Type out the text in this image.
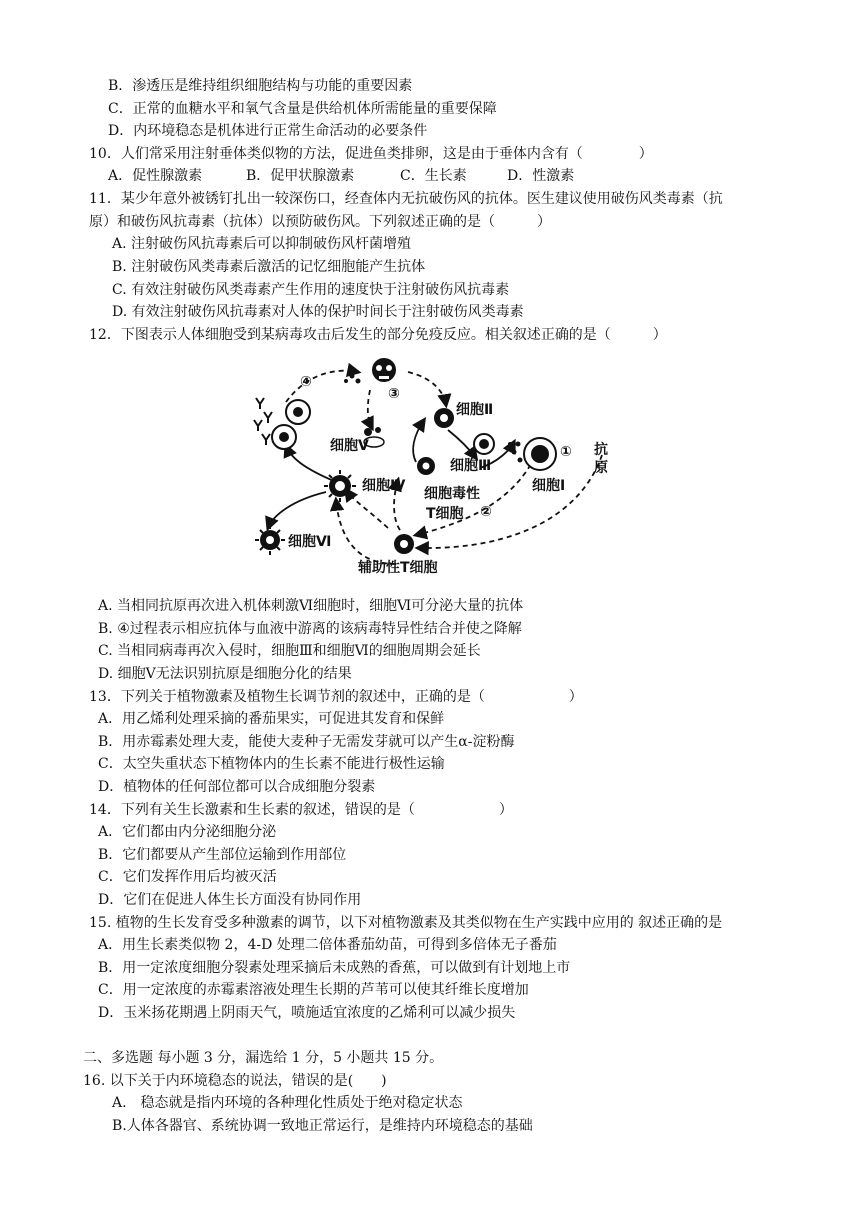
B．渗透压是维持组织细胞结构与功能的重要因素
C．正常的血糖水平和氧气含量是供给机体所需能量的重要保障
D．内环境稳态是机体进行正常生命活动的必要条件
10．人们常采用注射垂体类似物的方法，促进鱼类排卵，这是由于垂体内含有（　　　　）
A．促性腺激素	B．促甲状腺激素	C．生长素	D．性激素
11．某少年意外被锈钉扎出一较深伤口，经查体内无抗破伤风的抗体。医生建议使用破伤风类毒素（抗
原）和破伤风抗毒素（抗体）以预防破伤风。下列叙述正确的是（　　　）
A. 注射破伤风抗毒素后可以抑制破伤风杆菌增殖
B. 注射破伤风类毒素后激活的记忆细胞能产生抗体
C. 有效注射破伤风类毒素产生作用的速度快于注射破伤风抗毒素
D. 有效注射破伤风抗毒素对人体的保护时间长于注射破伤风类毒素
12．下图表示人体细胞受到某病毒攻击后发生的部分免疫反应。相关叙述正确的是（　　　）
④
③
细胞Ⅱ
细胞Ⅴ
细胞Ⅲ
① 抗
原
细胞Ⅰ
细胞Ⅳ 细胞毒性
T细胞 ②
细胞Ⅵ
辅助性T细胞
A. 当相同抗原再次进入机体刺激Ⅵ细胞时，细胞Ⅵ可分泌大量的抗体
B. ④过程表示相应抗体与血液中游离的该病毒特异性结合并使之降解
C. 当相同病毒再次入侵时，细胞Ⅲ和细胞Ⅵ的细胞周期会延长
D. 细胞Ⅴ无法识别抗原是细胞分化的结果
13．下列关于植物激素及植物生长调节剂的叙述中，正确的是（　　　　　　）
A．用乙烯利处理采摘的番茄果实，可促进其发育和保鲜
B．用赤霉素处理大麦，能使大麦种子无需发芽就可以产生α-淀粉酶
C．太空失重状态下植物体内的生长素不能进行极性运输
D．植物体的任何部位都可以合成细胞分裂素
14．下列有关生长激素和生长素的叙述，错误的是（　　　　　　）
A．它们都由内分泌细胞分泌
B．它们都要从产生部位运输到作用部位
C．它们发挥作用后均被灭活
D．它们在促进人体生长方面没有协同作用
15. 植物的生长发育受多种激素的调节，以下对植物激素及其类似物在生产实践中应用的 叙述正确的是
A．用生长素类似物 2，4-D 处理二倍体番茄幼苗，可得到多倍体无子番茄
B．用一定浓度细胞分裂素处理采摘后未成熟的香蕉，可以做到有计划地上市
C．用一定浓度的赤霉素溶液处理生长期的芦苇可以使其纤维长度增加
D．玉米扬花期遇上阴雨天气，喷施适宜浓度的乙烯利可以减少损失
二、多选题 每小题 3 分，漏选给 1 分，5 小题共 15 分。
16. 以下关于内环境稳态的说法，错误的是(　　)
A.　稳态就是指内环境的各种理化性质处于绝对稳定状态
B.人体各器官、系统协调一致地正常运行，是维持内环境稳态的基础
